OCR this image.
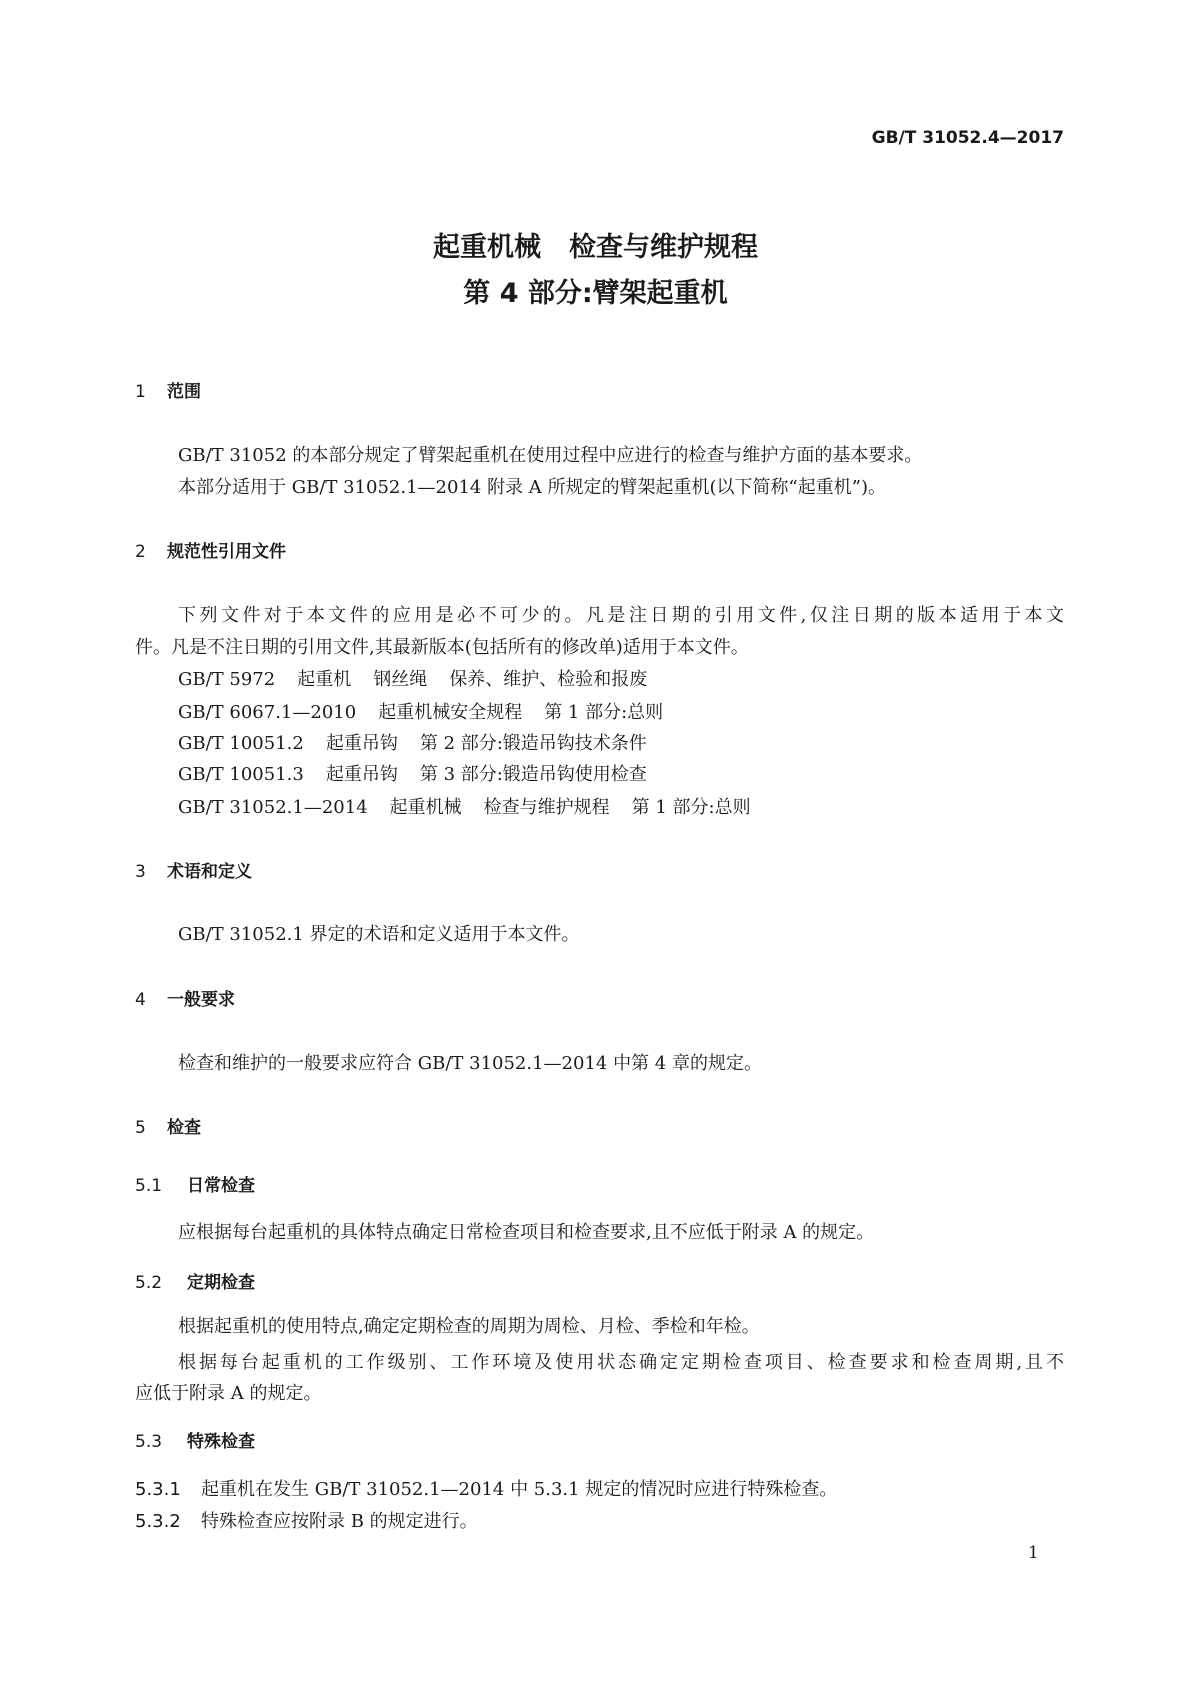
GB/T 31052.4—2017
起重机械 检查与维护规程
第 4 部分:臂架起重机
1 范围
GB/T 31052 的本部分规定了臂架起重机在使用过程中应进行的检查与维护方面的基本要求。
本部分适用于 GB/T 31052.1—2014 附录 A 所规定的臂架起重机(以下简称“起重机”)。
2 规范性引用文件
下列文件对于本文件的应用是必不可少的。凡是注日期的引用文件,仅注日期的版本适用于本文
件。凡是不注日期的引用文件,其最新版本(包括所有的修改单)适用于本文件。
GB/T 5972 起重机 钢丝绳 保养、维护、检验和报废
GB/T 6067.1—2010 起重机械安全规程 第 1 部分:总则
GB/T 10051.2 起重吊钩 第 2 部分:锻造吊钩技术条件
GB/T 10051.3 起重吊钩 第 3 部分:锻造吊钩使用检查
GB/T 31052.1—2014 起重机械 检查与维护规程 第 1 部分:总则
3 术语和定义
GB/T 31052.1 界定的术语和定义适用于本文件。
4 一般要求
检查和维护的一般要求应符合 GB/T 31052.1—2014 中第 4 章的规定。
5 检查
5.1 日常检查
应根据每台起重机的具体特点确定日常检查项目和检查要求,且不应低于附录 A 的规定。
5.2 定期检查
根据起重机的使用特点,确定定期检查的周期为周检、月检、季检和年检。
根据每台起重机的工作级别、工作环境及使用状态确定定期检查项目、检查要求和检查周期,且不
应低于附录 A 的规定。
5.3 特殊检查
5.3.1 起重机在发生 GB/T 31052.1—2014 中 5.3.1 规定的情况时应进行特殊检查。
5.3.2 特殊检查应按附录 B 的规定进行。
1
